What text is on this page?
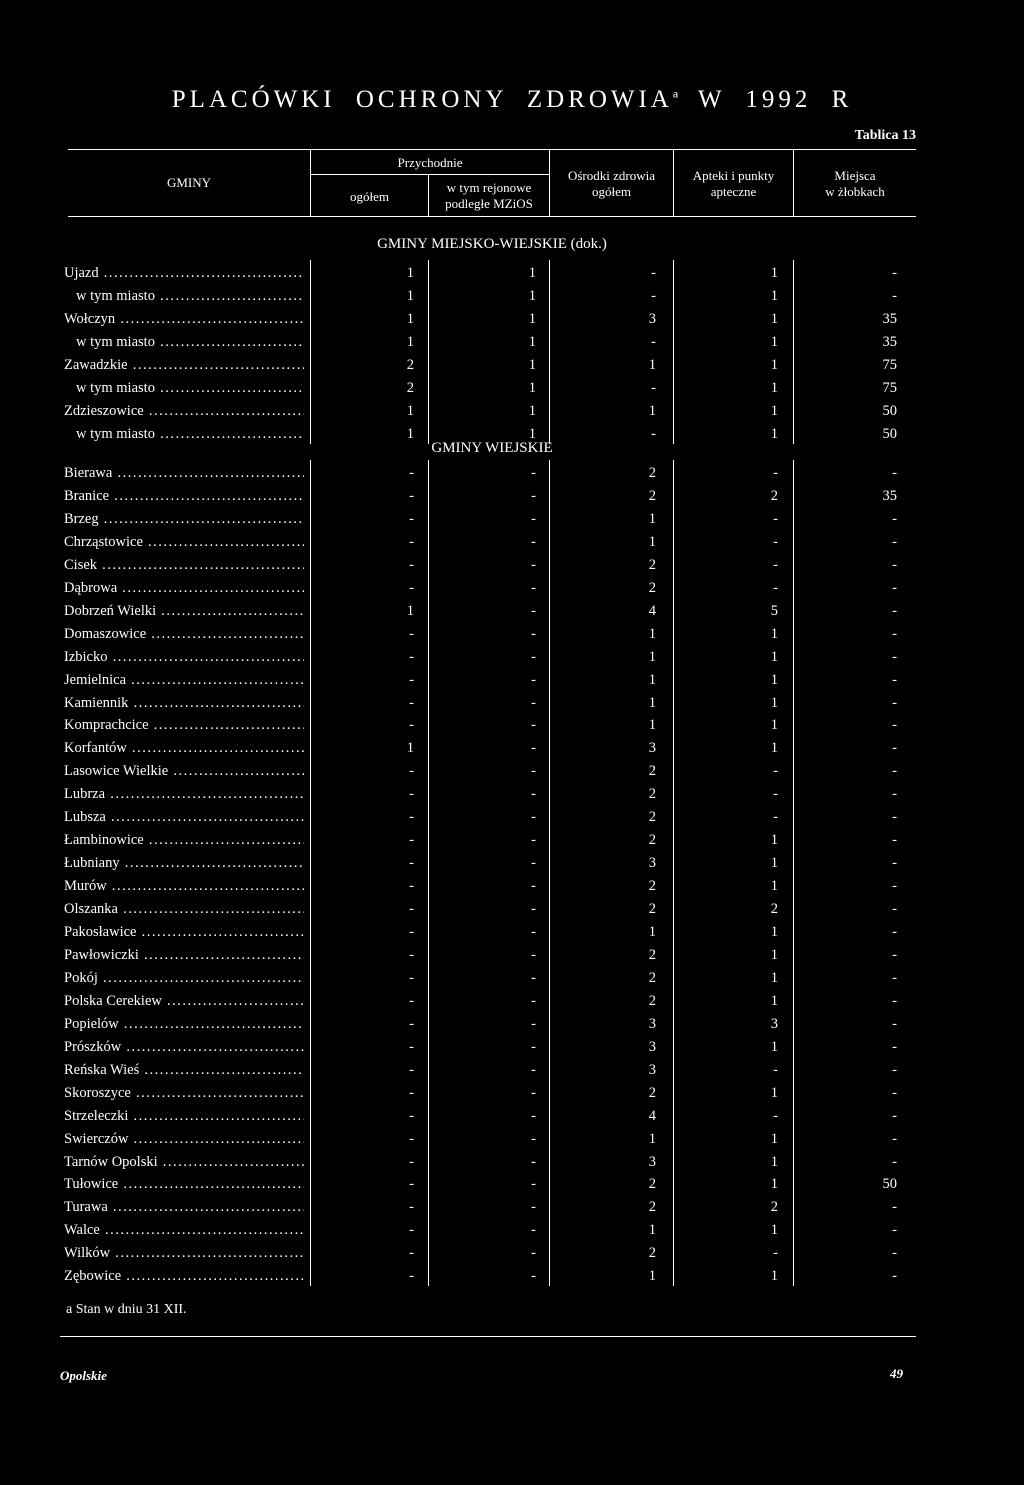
PLACÓWKI OCHRONY ZDROWIA$^a$ W 1992 R
Tablica 13
GMINY
Przychodnie
ogółem
w tym rejonowe
podległe MZiOS
Ośrodki zdrowia
ogółem
Apteki i punkty
apteczne
Miejsca
w żłobkach
GMINY MIEJSKO-WIEJSKIE (dok.)
Ujazd .....	1	1	-	1	-
w tym miasto .....	1	1	-	1	-
Wołczyn .....	1	1	3	1	35
w tym miasto .....	1	1	-	1	35
Zawadzkie .....	2	1	1	1	75
w tym miasto .....	2	1	-	1	75
Zdzieszowice .....	1	1	1	1	50
w tym miasto .....	1	1	-	1	50
GMINY WIEJSKIE
Bierawa .....	-	-	2	-	-
Branice .....	-	-	2	2	35
Brzeg .....	-	-	1	-	-
Chrząstowice .....	-	-	1	-	-
Cisek .....	-	-	2	-	-
Dąbrowa .....	-	-	2	-	-
Dobrzeń Wielki .....	1	-	4	5	-
Domaszowice .....	-	-	1	1	-
Izbicko .....	-	-	1	1	-
Jemielnica .....	-	-	1	1	-
Kamiennik .....	-	-	1	1	-
Komprachcice .....	-	-	1	1	-
Korfantów .....	1	-	3	1	-
Lasowice Wielkie .....	-	-	2	-	-
Lubrza .....	-	-	2	-	-
Lubsza .....	-	-	2	-	-
Łambinowice .....	-	-	2	1	-
Łubniany .....	-	-	3	1	-
Murów .....	-	-	2	1	-
Olszanka .....	-	-	2	2	-
Pakosławice .....	-	-	1	1	-
Pawłowiczki .....	-	-	2	1	-
Pokój .....	-	-	2	1	-
Polska Cerekiew .....	-	-	2	1	-
Popielów .....	-	-	3	3	-
Prószków .....	-	-	3	1	-
Reńska Wieś .....	-	-	3	-	-
Skoroszyce .....	-	-	2	1	-
Strzeleczki .....	-	-	4	-	-
Swierczów .....	-	-	1	1	-
Tarnów Opolski .....	-	-	3	1	-
Tułowice .....	-	-	2	1	50
Turawa .....	-	-	2	2	-
Walce .....	-	-	1	1	-
Wilków .....	-	-	2	-	-
Zębowice .....	-	-	1	1	-
a Stan w dniu 31 XII.
Opolskie	49
